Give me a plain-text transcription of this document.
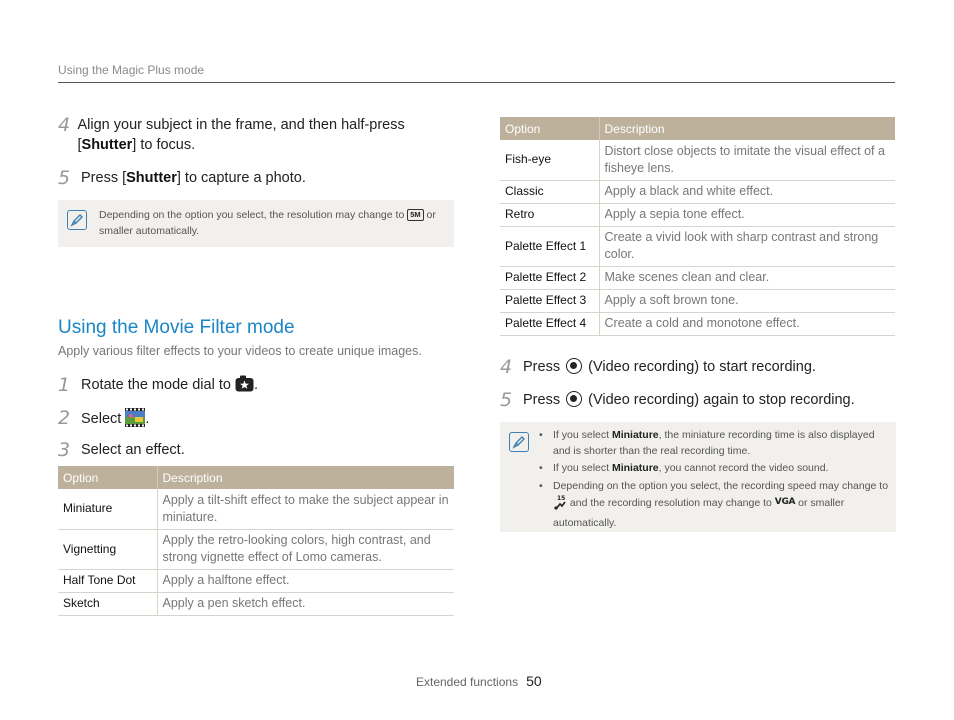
Using the Magic Plus mode
4 Align your subject in the frame, and then half-press [Shutter] to focus.
5 Press [Shutter] to capture a photo.
Depending on the option you select, the resolution may change to 5M or smaller automatically.
Using the Movie Filter mode
Apply various filter effects to your videos to create unique images.
1 Rotate the mode dial to .
2 Select .
3 Select an effect.
Option	Description
Miniature	Apply a tilt-shift effect to make the subject appear in miniature.
Vignetting	Apply the retro-looking colors, high contrast, and strong vignette effect of Lomo cameras.
Half Tone Dot	Apply a halftone effect.
Sketch	Apply a pen sketch effect.
Option	Description
Fish-eye	Distort close objects to imitate the visual effect of a fisheye lens.
Classic	Apply a black and white effect.
Retro	Apply a sepia tone effect.
Palette Effect 1	Create a vivid look with sharp contrast and strong color.
Palette Effect 2	Make scenes clean and clear.
Palette Effect 3	Apply a soft brown tone.
Palette Effect 4	Create a cold and monotone effect.
4 Press  (Video recording) to start recording.
5 Press  (Video recording) again to stop recording.
• If you select Miniature, the miniature recording time is also displayed and is shorter than the real recording time.
• If you select Miniature, you cannot record the video sound.
• Depending on the option you select, the recording speed may change to
15 and the recording resolution may change to VGA or smaller automatically.
Extended functions 50
